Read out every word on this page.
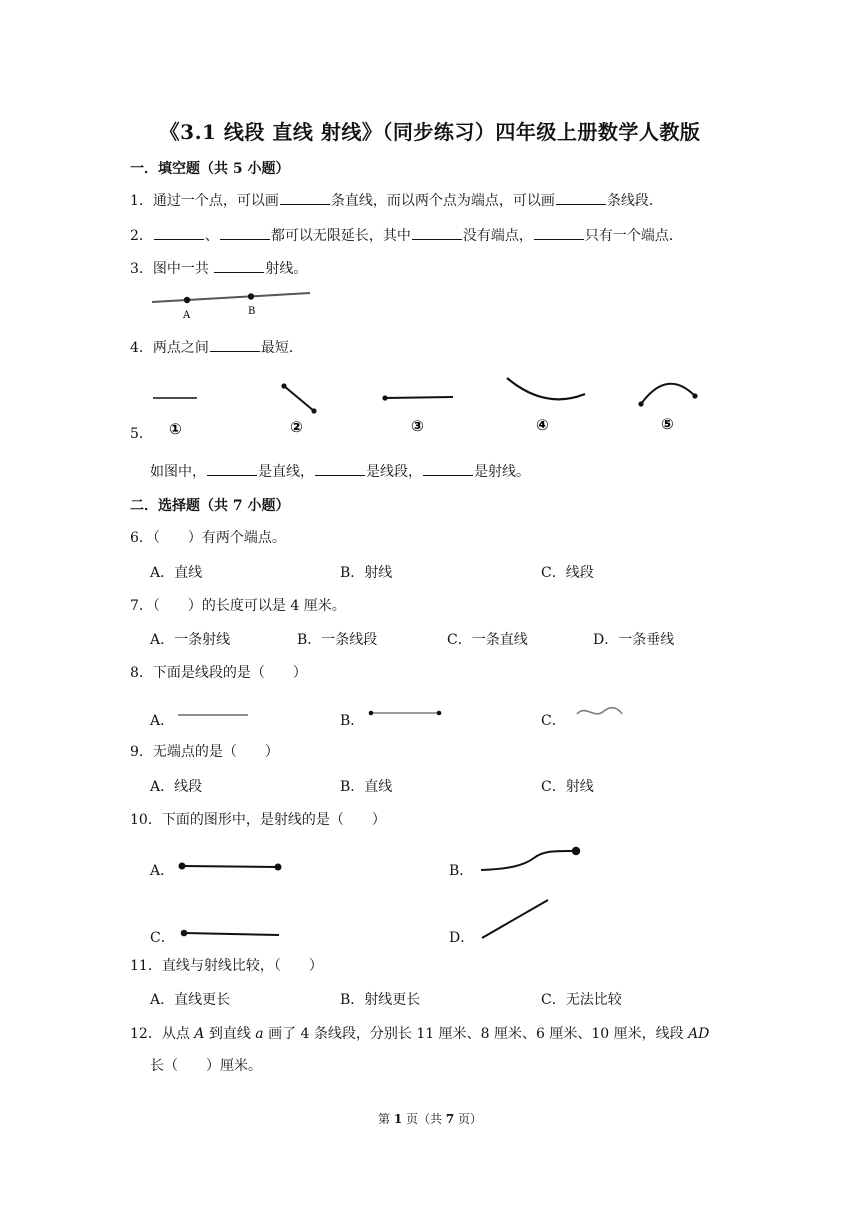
《3.1 线段 直线 射线》（同步练习）四年级上册数学人教版
一．填空题（共 5 小题）
1．通过一个点，可以画	条直线，而以两个点为端点，可以画	条线段．
2．	、	都可以无限延长，其中	没有端点，	只有一个端点．
3．图中一共	射线。
A	B
4．两点之间	最短．
5． ①	②	③	④	⑤
如图中，	是直线，	是线段，	是射线。
二．选择题（共 7 小题）
6．（ ）有两个端点。
A．直线	B．射线	C．线段
7．（ ）的长度可以是 4 厘米。
A．一条射线	B．一条线段	C．一条直线	D．一条垂线
8．下面是线段的是（ ）
A．	B．	C．
9．无端点的是（ ）
A．线段	B．直线	C．射线
10．下面的图形中，是射线的是（ ）
A．	B．
C．	D．
11．直线与射线比较，（ ）
A．直线更长	B．射线更长	C．无法比较
12．从点 A 到直线 a 画了 4 条线段，分别长 11 厘米、8 厘米、6 厘米、10 厘米，线段 AD
长（ ）厘米。
第 1 页（共 7 页）
